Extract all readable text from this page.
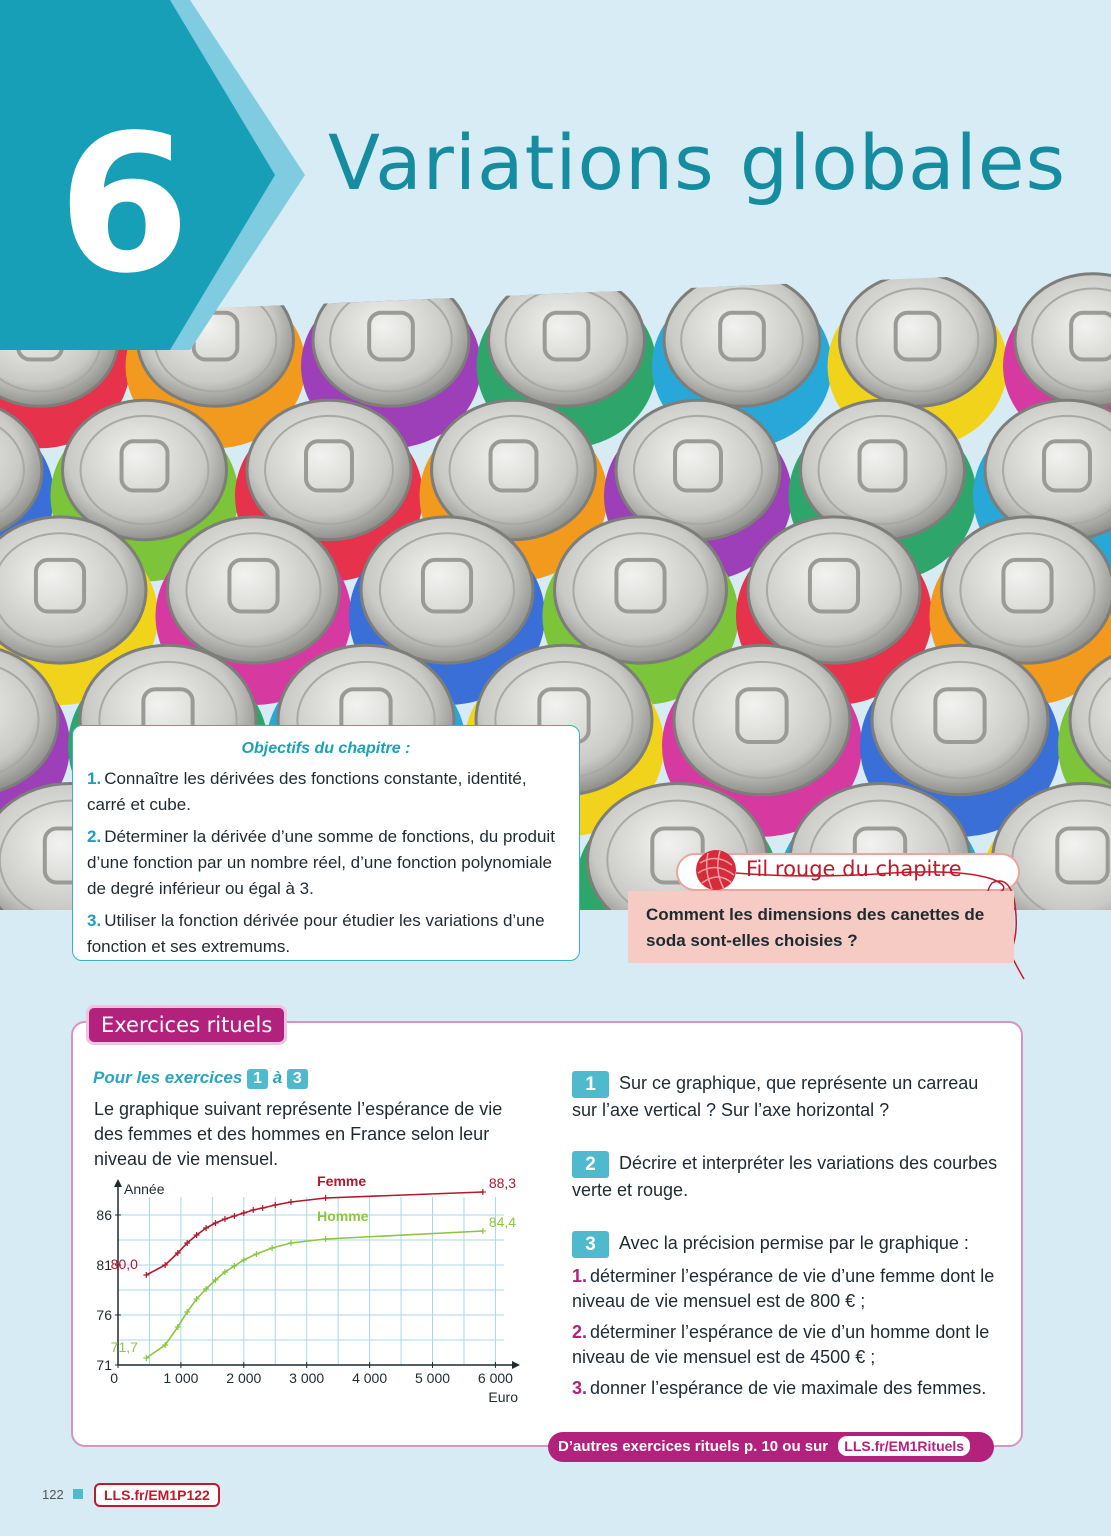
6 Variations globales
Objectifs du chapitre :
1. Connaître les dérivées des fonctions constante, identité, carré et cube.
2. Déterminer la dérivée d’une somme de fonctions, du produit d’une fonction par un nombre réel, d’une fonction polynomiale de degré inférieur ou égal à 3.
3. Utiliser la fonction dérivée pour étudier les variations d’une fonction et ses extremums.
Fil rouge du chapitre
Comment les dimensions des canettes de soda sont-elles choisies ?
Exercices rituels
Pour les exercices 1 à 3
Le graphique suivant représente l’espérance de vie des femmes et des hommes en France selon leur niveau de vie mensuel.
0	1 000 2 000 3 000 4 000 5 000 6 000
71
76
81
86
80,0
88,3
Femme
71,7
84,4
Homme
Année
Euro
1 Sur ce graphique, que représente un carreau sur l’axe vertical ? Sur l’axe horizontal ?
2 Décrire et interpréter les variations des courbes verte et rouge.
3 Avec la précision permise par le graphique :
1. déterminer l’espérance de vie d’une femme dont le niveau de vie mensuel est de 800 € ;
2. déterminer l’espérance de vie d’un homme dont le niveau de vie mensuel est de 4500 € ;
3. donner l’espérance de vie maximale des femmes.
D’autres exercices rituels p. 10 ou sur LLS.fr/EM1Rituels
122	LLS.fr/EM1P122
